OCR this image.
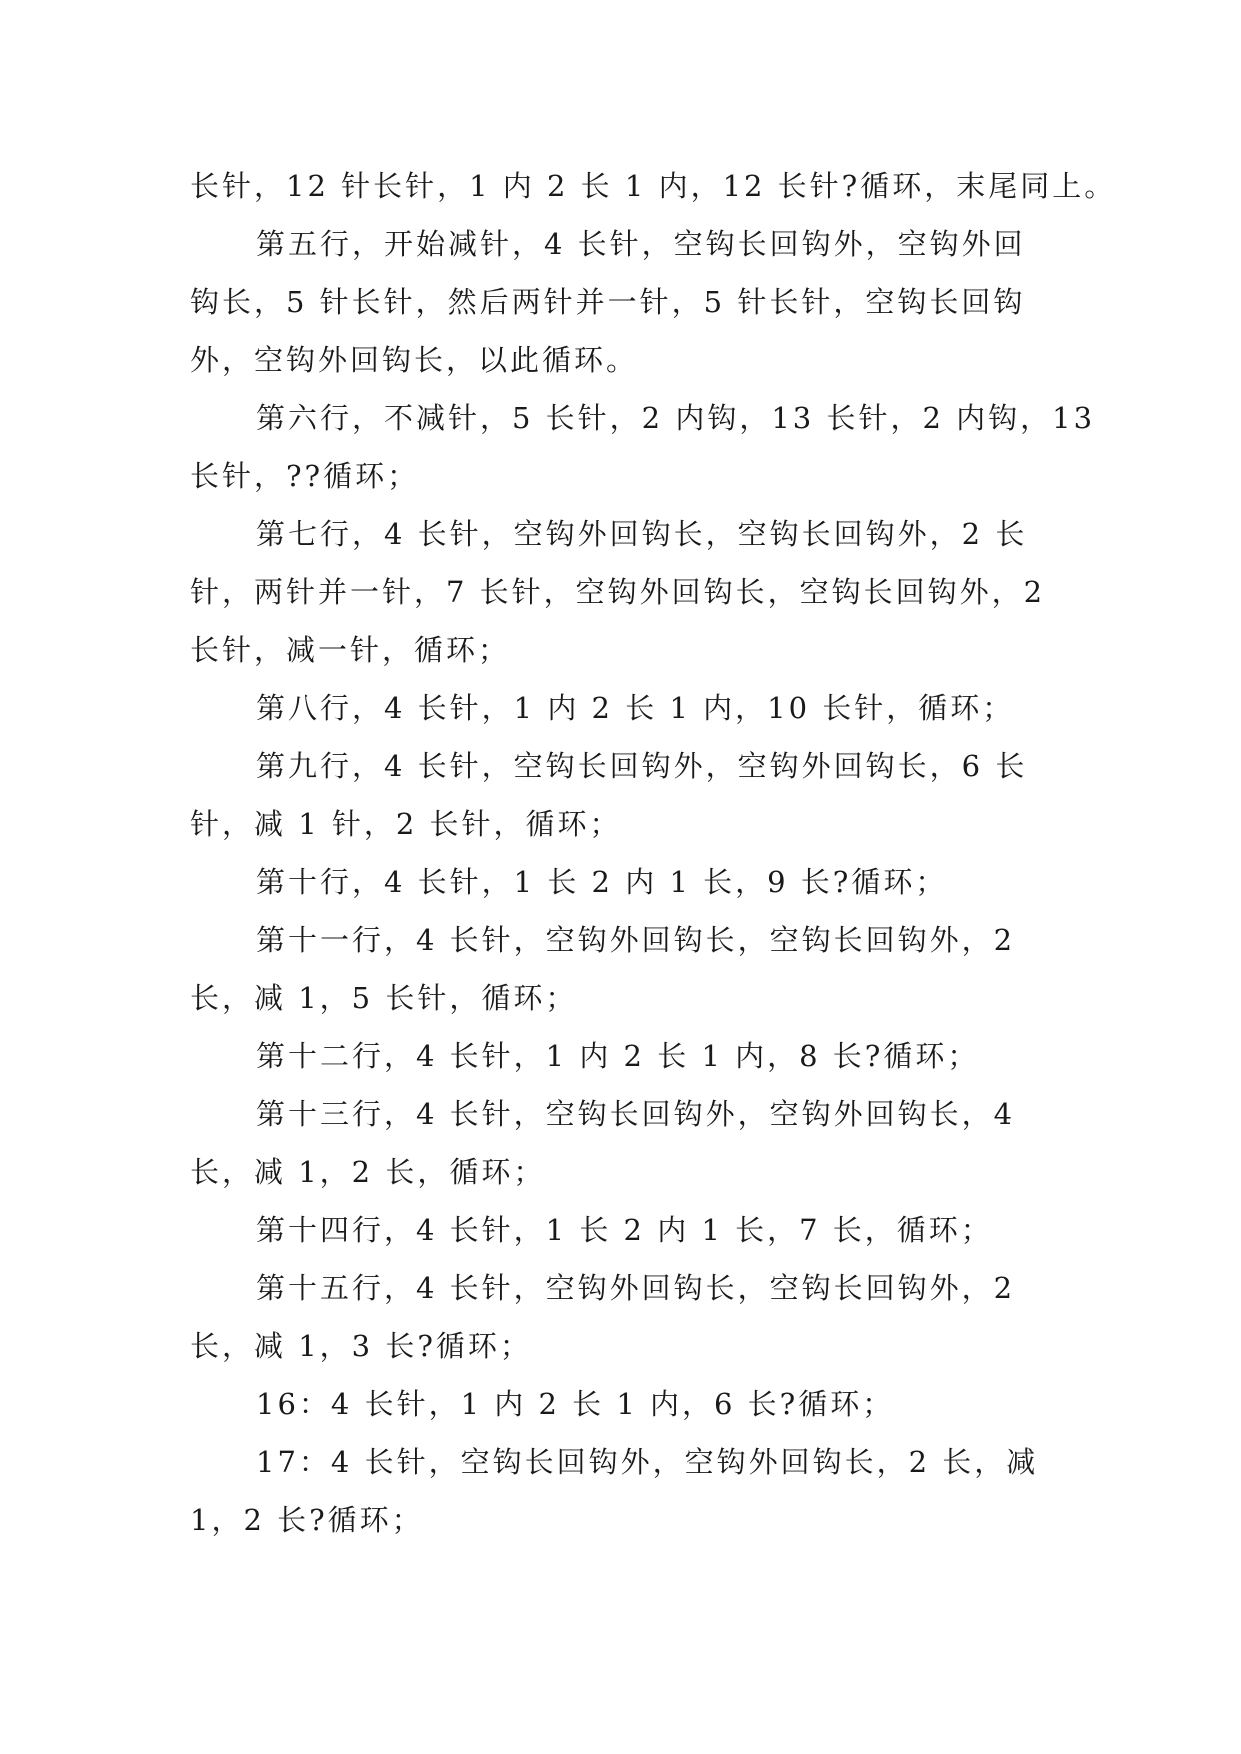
长针，12 针长针，1 内 2 长 1 内，12 长针?循环，末尾同上。
第五行，开始减针，4 长针，空钩长回钩外，空钩外回
钩长，5 针长针，然后两针并一针，5 针长针，空钩长回钩
外，空钩外回钩长，以此循环。
第六行，不减针，5 长针，2 内钩，13 长针，2 内钩，13
长针，??循环；
第七行，4 长针，空钩外回钩长，空钩长回钩外，2 长
针，两针并一针，7 长针，空钩外回钩长，空钩长回钩外，2
长针，减一针，循环；
第八行，4 长针，1 内 2 长 1 内，10 长针，循环；
第九行，4 长针，空钩长回钩外，空钩外回钩长，6 长
针，减 1 针，2 长针，循环；
第十行，4 长针，1 长 2 内 1 长，9 长?循环；
第十一行，4 长针，空钩外回钩长，空钩长回钩外，2
长，减 1，5 长针，循环；
第十二行，4 长针，1 内 2 长 1 内，8 长?循环；
第十三行，4 长针，空钩长回钩外，空钩外回钩长，4
长，减 1，2 长，循环；
第十四行，4 长针，1 长 2 内 1 长，7 长，循环；
第十五行，4 长针，空钩外回钩长，空钩长回钩外，2
长，减 1，3 长?循环；
16：4 长针，1 内 2 长 1 内，6 长?循环；
17：4 长针，空钩长回钩外，空钩外回钩长，2 长，减
1，2 长?循环；
